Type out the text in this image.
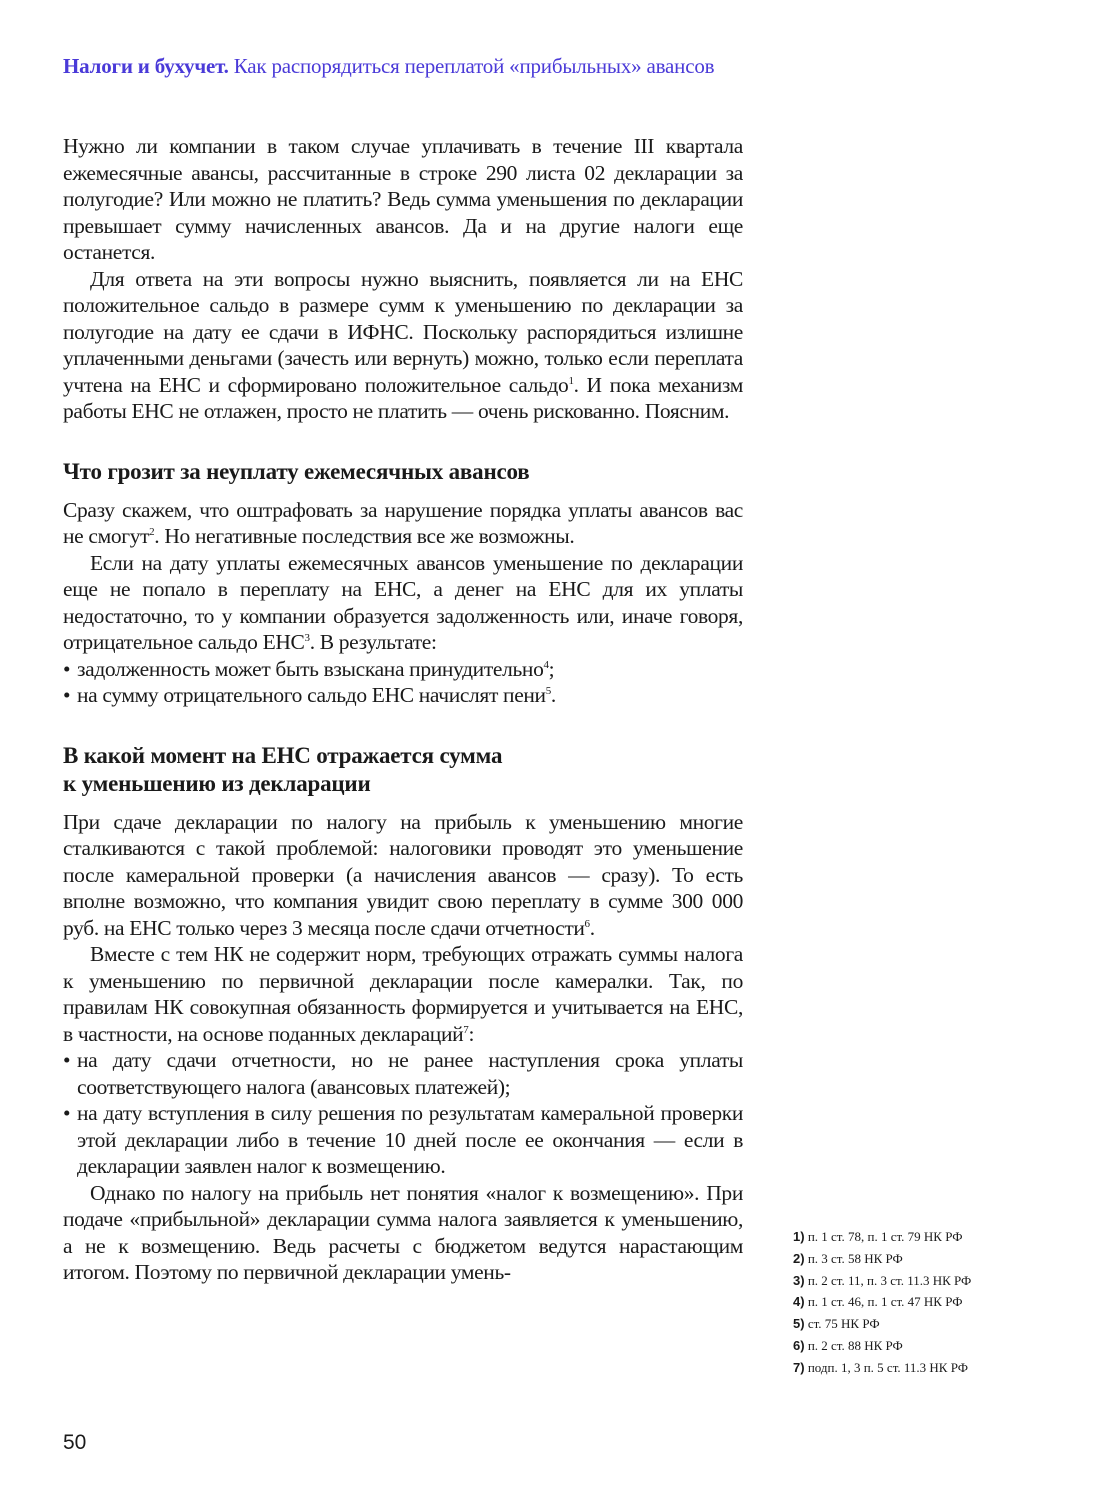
Налоги и бухучет. Как распорядиться переплатой «прибыльных» авансов

Нужно ли компании в таком случае уплачивать в течение III квартала ежемесячные авансы, рассчитанные в строке 290 листа 02 декларации за полугодие? Или можно не платить? Ведь сумма уменьшения по декларации превышает сумму начисленных авансов. Да и на другие налоги еще останется.

Для ответа на эти вопросы нужно выяснить, появляется ли на ЕНС положительное сальдо в размере сумм к уменьшению по декларации за полугодие на дату ее сдачи в ИФНС. Поскольку распорядиться излишне уплаченными деньгами (зачесть или вернуть) можно, только если переплата учтена на ЕНС и сформировано положительное сальдо$^1$. И пока механизм работы ЕНС не отлажен, просто не платить — очень рискованно. Поясним.

Что грозит за неуплату ежемесячных авансов

Сразу скажем, что оштрафовать за нарушение порядка уплаты авансов вас не смогут$^2$. Но негативные последствия все же возможны.

Если на дату уплаты ежемесячных авансов уменьшение по декларации еще не попало в переплату на ЕНС, а денег на ЕНС для их уплаты недостаточно, то у компании образуется задолженность или, иначе говоря, отрицательное сальдо ЕНС$^3$. В результате:

• задолженность может быть взыскана принудительно$^4$;
• на сумму отрицательного сальдо ЕНС начислят пени$^5$.
В какой момент на ЕНС отражается сумма
к уменьшению из декларации

При сдаче декларации по налогу на прибыль к уменьшению многие сталкиваются с такой проблемой: налоговики проводят это уменьшение после камеральной проверки (а начисления авансов — сразу). То есть вполне возможно, что компания увидит свою переплату в сумме 300 000 руб. на ЕНС только через 3 месяца после сдачи отчетности$^6$.

Вместе с тем НК не содержит норм, требующих отражать суммы налога к уменьшению по первичной декларации после камералки. Так, по правилам НК совокупная обязанность формируется и учитывается на ЕНС, в частности, на основе поданных деклараций$^7$:

• на дату сдачи отчетности, но не ранее наступления срока уплаты соответствующего налога (авансовых платежей);
• на дату вступления в силу решения по результатам камеральной проверки этой декларации либо в течение 10 дней после ее окончания — если в декларации заявлен налог к возмещению.

Однако по налогу на прибыль нет понятия «налог к возмещению». При подаче «прибыльной» декларации сумма налога заявляется к уменьшению, а не к возмещению. Ведь расчеты с бюджетом ведутся нарастающим итогом. Поэтому по первичной декларации умень-

1) п. 1 ст. 78, п. 1 ст. 79 НК РФ
2) п. 3 ст. 58 НК РФ
3) п. 2 ст. 11, п. 3 ст. 11.3 НК РФ
4) п. 1 ст. 46, п. 1 ст. 47 НК РФ
5) ст. 75 НК РФ
6) п. 2 ст. 88 НК РФ
7) подп. 1, 3 п. 5 ст. 11.3 НК РФ
50
